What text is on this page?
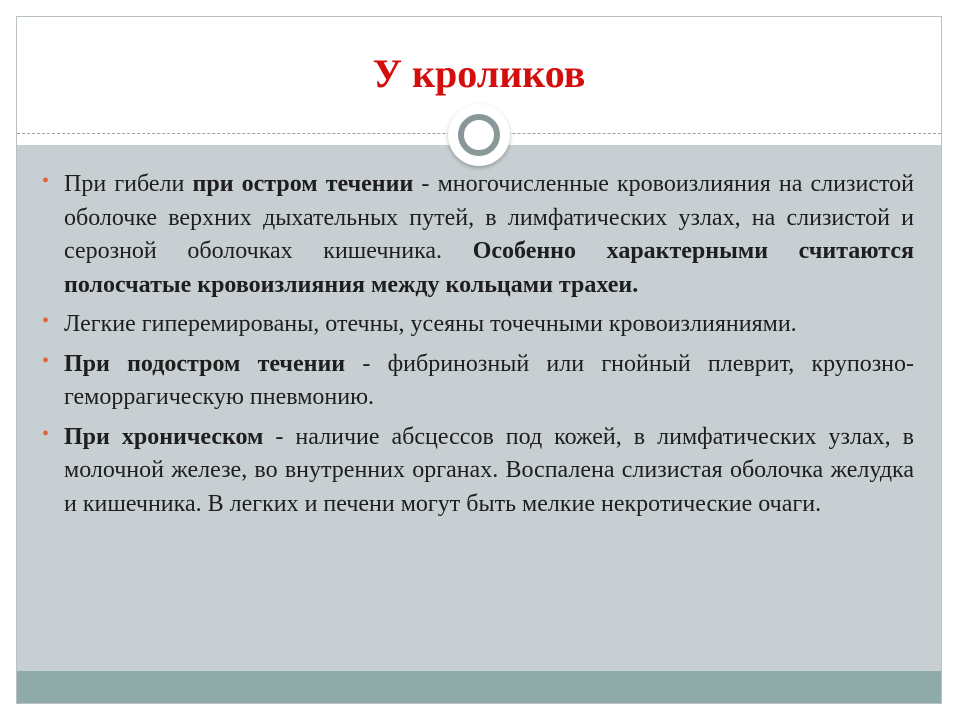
У кроликов
• При гибели при остром течении - многочисленные кровоизлияния на слизистой оболочке верхних дыхательных путей, в лимфатических узлах, на слизистой и серозной оболочках кишечника. Особенно характерными считаются полосчатые кровоизлияния между кольцами трахеи.
• Легкие гиперемированы, отечны, усеяны точечными кровоизлияниями.
• При подостром течении - фибринозный или гнойный плеврит, крупозно-геморрагическую пневмонию.
• При хроническом - наличие абсцессов под кожей, в лимфатических узлах, в молочной железе, во внутренних органах. Воспалена слизистая оболочка желудка и кишечника. В легких и печени могут быть мелкие некротические очаги.
